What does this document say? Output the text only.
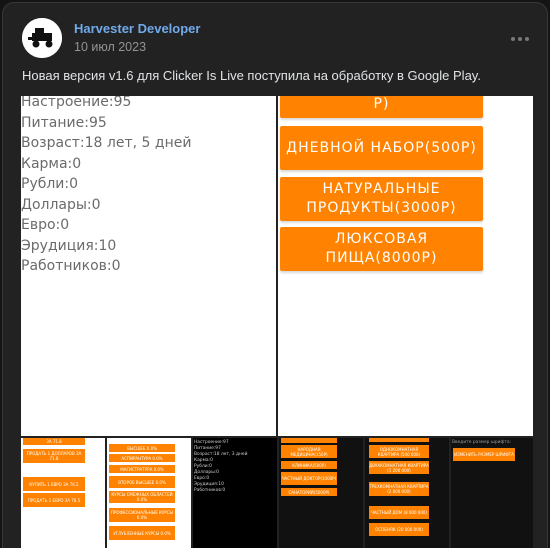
Harvester Developer
10 июл 2023
Новая версия v1.6 для Clicker Is Live поступила на обработку в Google Play.
Настроение:95
Питание:95
Возраст:18 лет, 5 дней
Карма:0
Рубли:0
Доллары:0
Евро:0
Эрудиция:10
Работников:0
Р)
ДНЕВНОЙ НАБОР(500Р)
НАТУРАЛЬНЫЕ ПРОДУКТЫ(3000Р)
ЛЮКСОВАЯ ПИЩА(8000Р)
ЗА 71.8
ПРОДАТЬ 1 ДОЛЛАРОВ ЗА 71.8
КУПИТЬ 1 ЕВРО ЗА 76.5
ПРОДАТЬ 1 ЕВРО ЗА 78.5
ВЫСШЕЕ 0.0%
АСПИРАНТУРА 0.0%
МАГИСТРАТУРА 0.0%
ВТОРОЕ ВЫСШЕЕ 0.0%
КУРСЫ СМЕЖНЫХ ОБЛАСТЕЙ 0.0%
ПРОФЕССИОНАЛЬНЫЕ КУРСЫ 0.0%
УГЛУБЛЕННЫЕ КУРСЫ 0.0%
Настроение:97
Питание:97
Возраст:18 лет, 3 дней
Карма:0
Рубли:0
Доллары:0
Евро:0
Эрудиция:10
Работников:0
НАРОДНАЯ МЕДИЦИНА(150Р)
КЛИНИКА(500Р)
ЧАСТНЫЙ ДОКТОР(1000Р)
САНАТОРИЙ(5000Р)
ОДНОКОМНАТНАЯ КВАРТИРА (500 000)
ДВУХКОМНАТНАЯ КВАРТИРА (1 200 000)
ТРЕХКОМНАТНАЯ КВАРТИРА (2 000 000)
ЧАСТНЫЙ ДОМ (8 000 000)
ОСОБНЯК (20 000 000)
Введите размер шрифта:
ИЗМЕНИТЬ РАЗМЕР ШРИФТА
